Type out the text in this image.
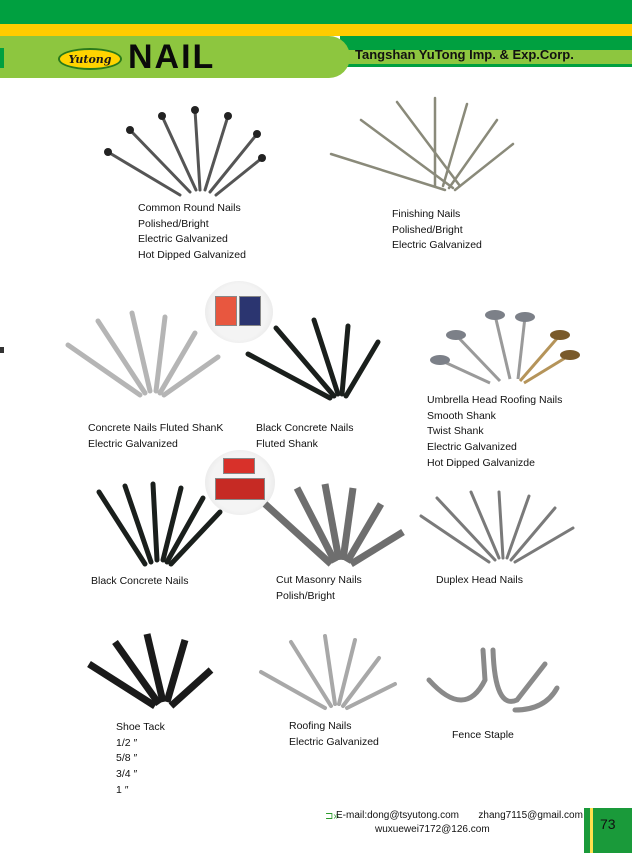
Yutong NAIL	Tangshan YuTong Imp. & Exp.Corp.
Common Round Nails
Polished/Bright
Electric Galvanized
Hot Dipped Galvanized
Finishing Nails
Polished/Bright
Electric Galvanized
Concrete Nails Fluted ShanK
Electric Galvanized
Black Concrete Nails
Fluted Shank
Umbrella Head Roofing Nails
Smooth Shank
Twist Shank
Electric Galvanized
Hot Dipped Galvanizde
Black Concrete Nails	Cut Masonry Nails
Polish/Bright
Duplex Head Nails
Shoe Tack
1/2 ″
5/8 ″
3/4 ″
1 ″
Roofing Nails
Electric Galvanized
Fence Staple
⊐»
E-mail:dong@tsyutong.com       zhang7115@gmail.com
wuxuewei7172@126.com	73
